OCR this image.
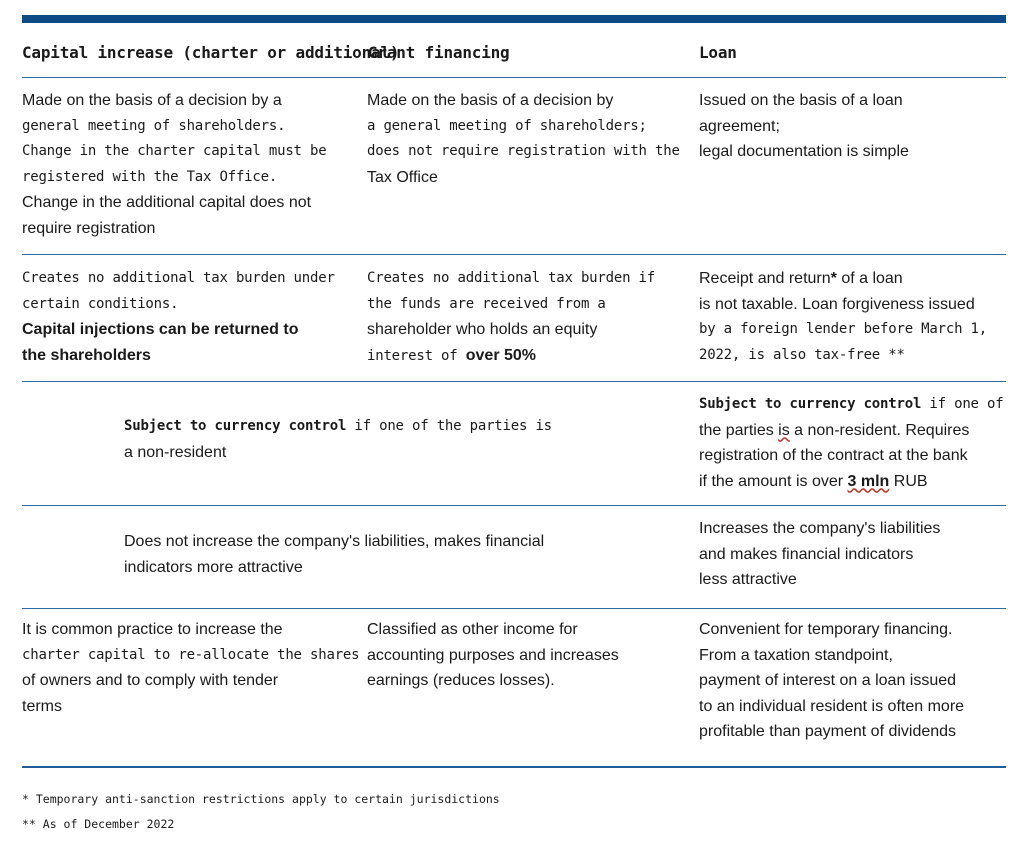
Capital increase (charter or additional)
Grant financing	Loan
Made on the basis of a decision by a
general meeting of shareholders.
Change in the charter capital must be
registered with the Tax Office.
Change in the additional capital does not
require registration
Made on the basis of a decision by
a general meeting of shareholders;
does not require registration with the
Tax Office
Issued on the basis of a loan
agreement;
legal documentation is simple
Creates no additional tax burden under
certain conditions.
Capital injections can be returned to
the shareholders
Creates no additional tax burden if
the funds are received from a
shareholder who holds an equity
interest of over 50%
Receipt and return* of a loan
is not taxable. Loan forgiveness issued
by a foreign lender before March 1,
2022, is also tax-free **
Subject to currency control if one of the parties is
a non-resident
Subject to currency control if one of
the parties is a non-resident. Requires
registration of the contract at the bank
if the amount is over 3 mln RUB
Does not increase the company's liabilities, makes financial
indicators more attractive
Increases the company's liabilities
and makes financial indicators
less attractive
It is common practice to increase the
charter capital to re-allocate the shares
of owners and to comply with tender
terms
Classified as other income for
accounting purposes and increases
earnings (reduces losses).
Convenient for temporary financing.
From a taxation standpoint,
payment of interest on a loan issued
to an individual resident is often more
profitable than payment of dividends
* Temporary anti-sanction restrictions apply to certain jurisdictions
** As of December 2022
